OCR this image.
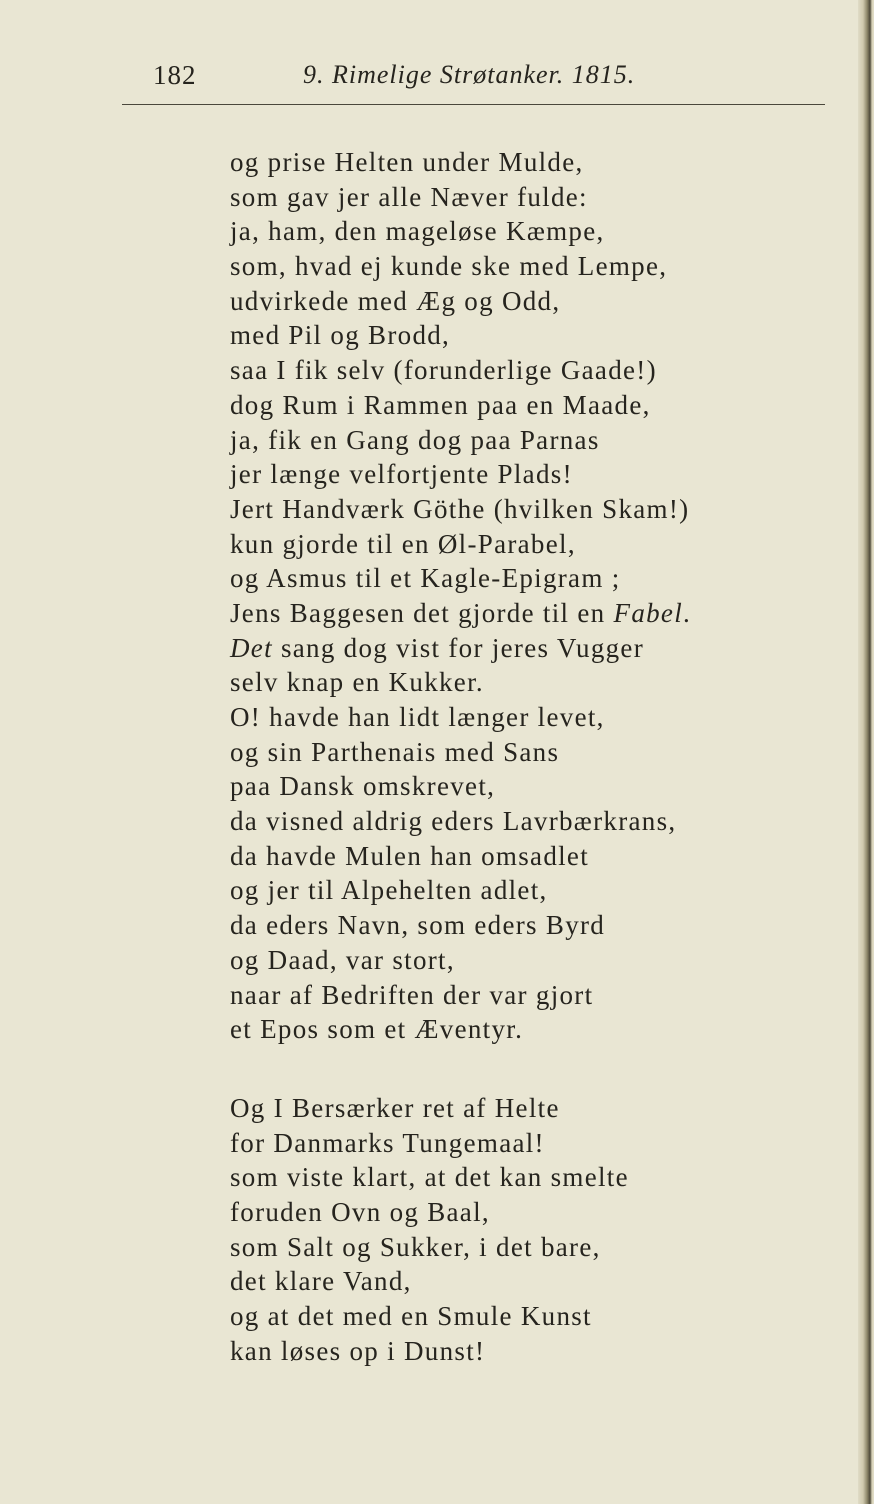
182	9. Rimelige Strøtanker. 1815.
og prise Helten under Mulde,
som gav jer alle Næver fulde:
ja, ham, den mageløse Kæmpe,
som, hvad ej kunde ske med Lempe,
udvirkede med Æg og Odd,
med Pil og Brodd,
saa I fik selv (forunderlige Gaade!)
dog Rum i Rammen paa en Maade,
ja, fik en Gang dog paa Parnas
jer længe velfortjente Plads!
Jert Handværk Göthe (hvilken Skam!)
kun gjorde til en Øl-Parabel,
og Asmus til et Kagle-Epigram ;
Jens Baggesen det gjorde til en Fabel.
Det sang dog vist for jeres Vugger
selv knap en Kukker.
O! havde han lidt længer levet,
og sin Parthenais med Sans
paa Dansk omskrevet,
da visned aldrig eders Lavrbærkrans,
da havde Mulen han omsadlet
og jer til Alpehelten adlet,
da eders Navn, som eders Byrd
og Daad, var stort,
naar af Bedriften der var gjort
et Epos som et Æventyr.
Og I Bersærker ret af Helte
for Danmarks Tungemaal!
som viste klart, at det kan smelte
foruden Ovn og Baal,
som Salt og Sukker, i det bare,
det klare Vand,
og at det med en Smule Kunst
kan løses op i Dunst!
